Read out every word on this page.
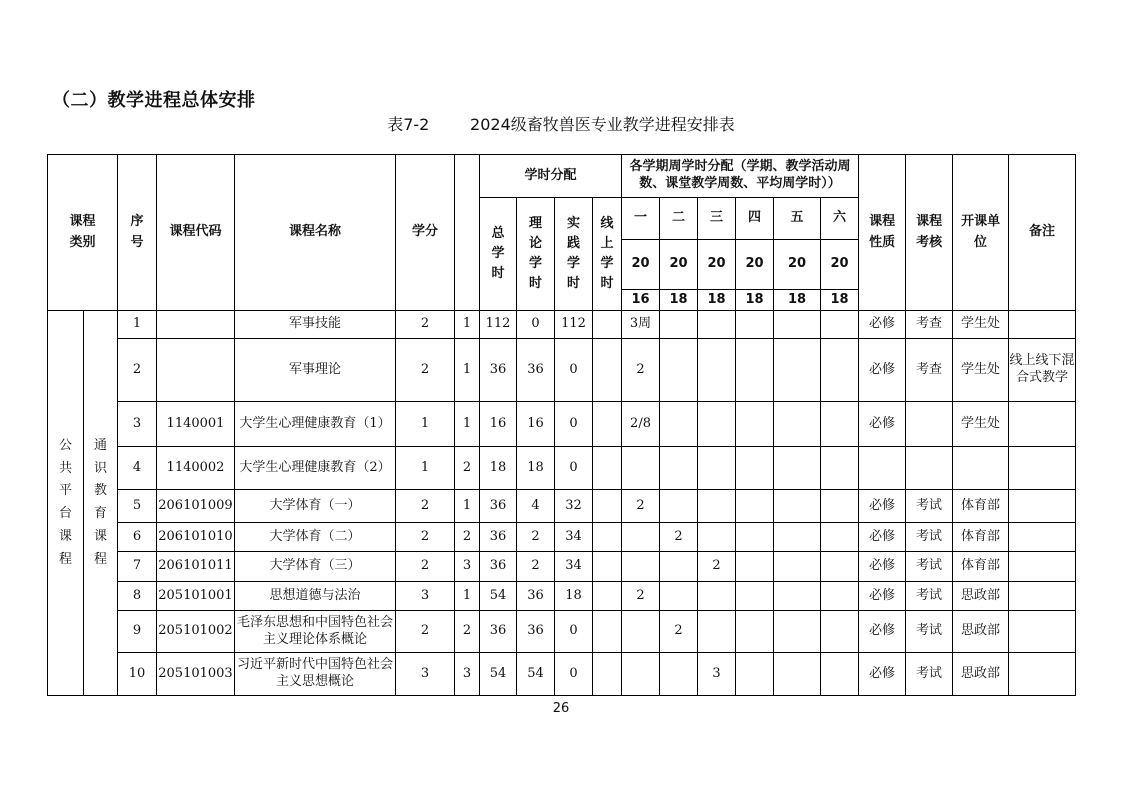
（二）教学进程总体安排
表7-2        2024级畜牧兽医专业教学进程安排表
课程类别		序号	课程代码	课程名称	学分		学时分配				各学期周学时分配（学期、教学活动周数、课堂教学周数、平均周学时））						课程性质	课程考核	开课单位	备注
							总学时	理论学时	实践学时	线上学时	一	二	三	四	五	六				
											20	20	20	20	20	20				
											16	18	18	18	18	18				
公共平台课程	通识教育课程	1		军事技能	2	1	112	0	112		3周						必修	考查	学生处	
		2		军事理论	2	1	36	36	0		2						必修	考查	学生处	线上线下混合式教学
		3	1140001	大学生心理健康教育（1）	1	1	16	16	0		2/8						必修		学生处	
		4	1140002	大学生心理健康教育（2）	1	2	18	18	0											
		5	206101009	大学体育（一）	2	1	36	4	32		2						必修	考试	体育部	
		6	206101010	大学体育（二）	2	2	36	2	34			2					必修	考试	体育部	
		7	206101011	大学体育（三）	2	3	36	2	34				2				必修	考试	体育部	
		8	205101001	思想道德与法治	3	1	54	36	18		2						必修	考试	思政部	
		9	205101002	毛泽东思想和中国特色社会主义理论体系概论	2	2	36	36	0			2					必修	考试	思政部	
		10	205101003	习近平新时代中国特色社会主义思想概论	3	3	54	54	0				3				必修	考试	思政部	
26
